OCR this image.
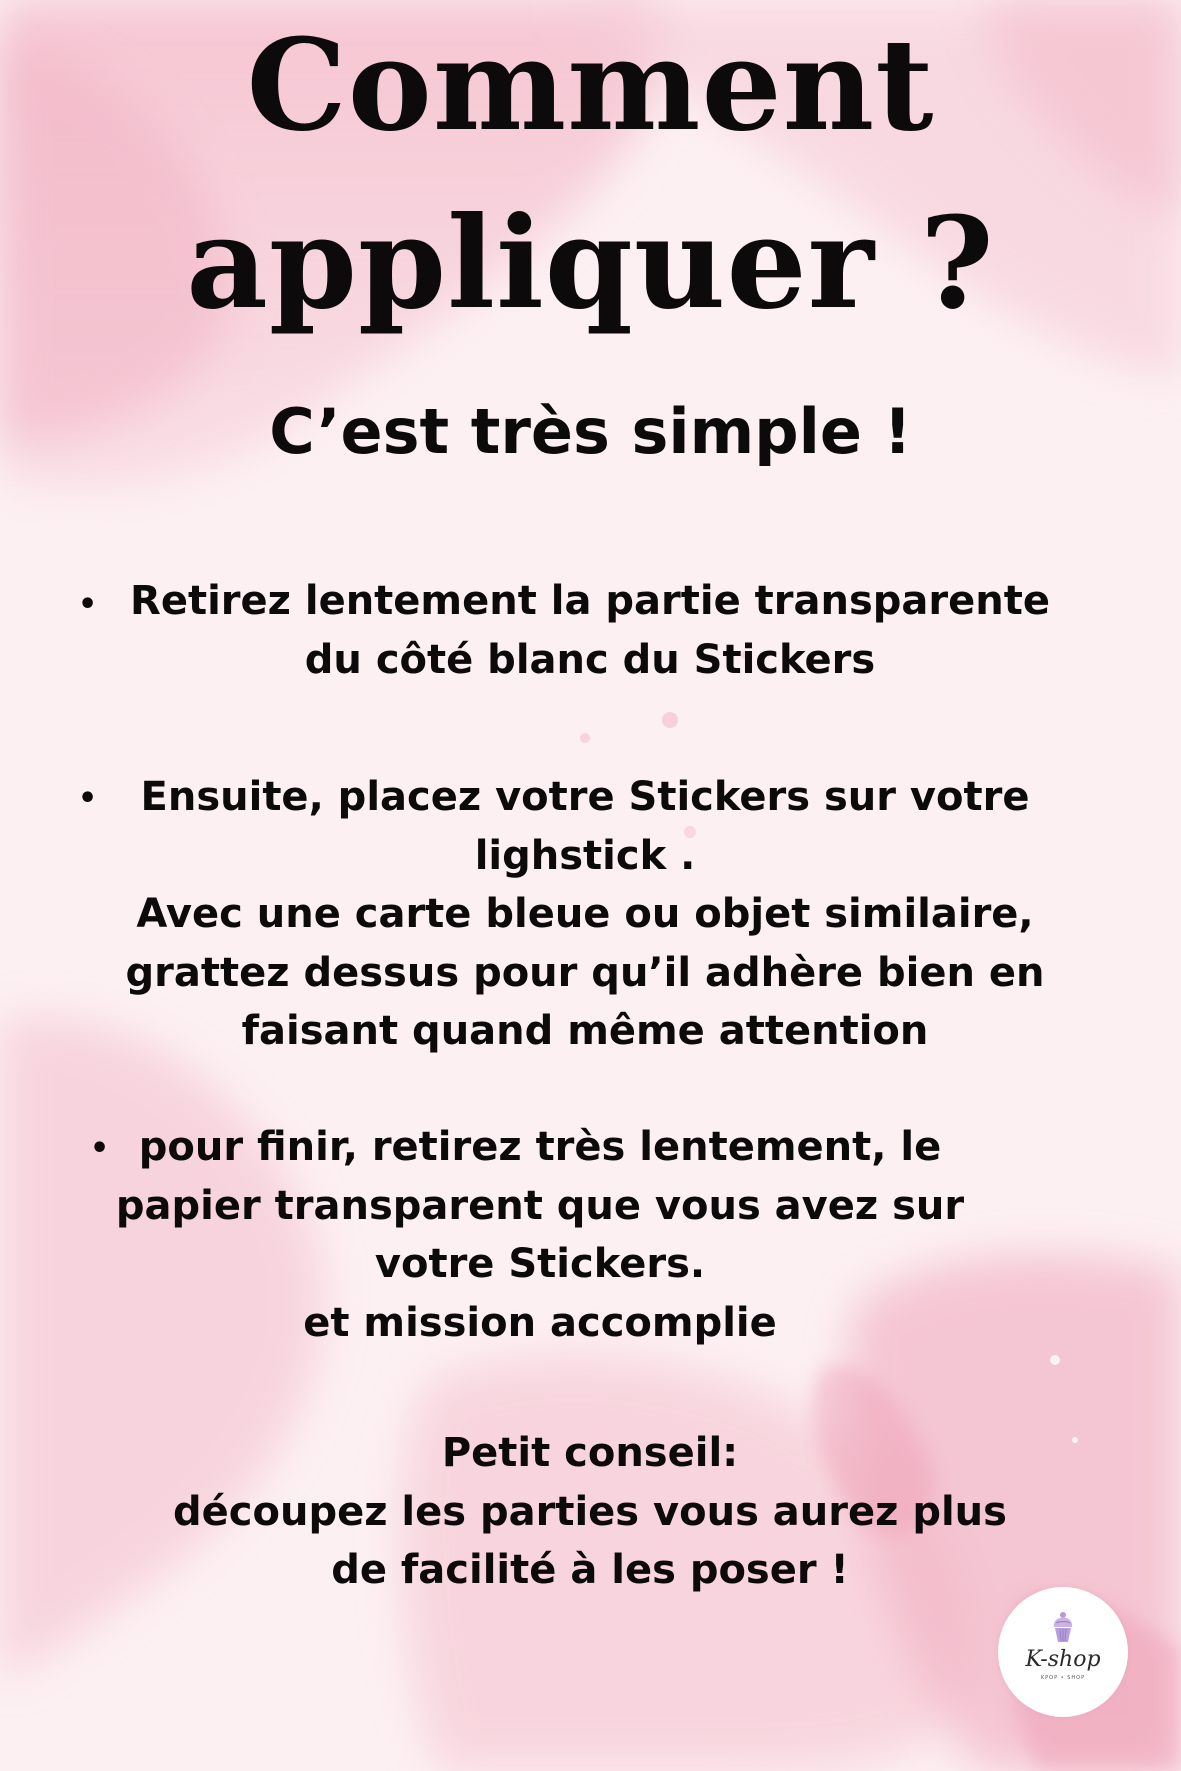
Comment
appliquer ?
C’est très simple !
• Retirez lentement la partie transparente
du côté blanc du Stickers
•	Ensuite, placez votre Stickers sur votre
lighstick .
Avec une carte bleue ou objet similaire,
grattez dessus pour qu’il adhère bien en
faisant quand même attention
• pour finir, retirez très lentement, le
papier transparent que vous avez sur
votre Stickers.
et mission accomplie
Petit conseil:
découpez les parties vous aurez plus
de facilité à les poser !
K-shop
KPOP • SHOP
